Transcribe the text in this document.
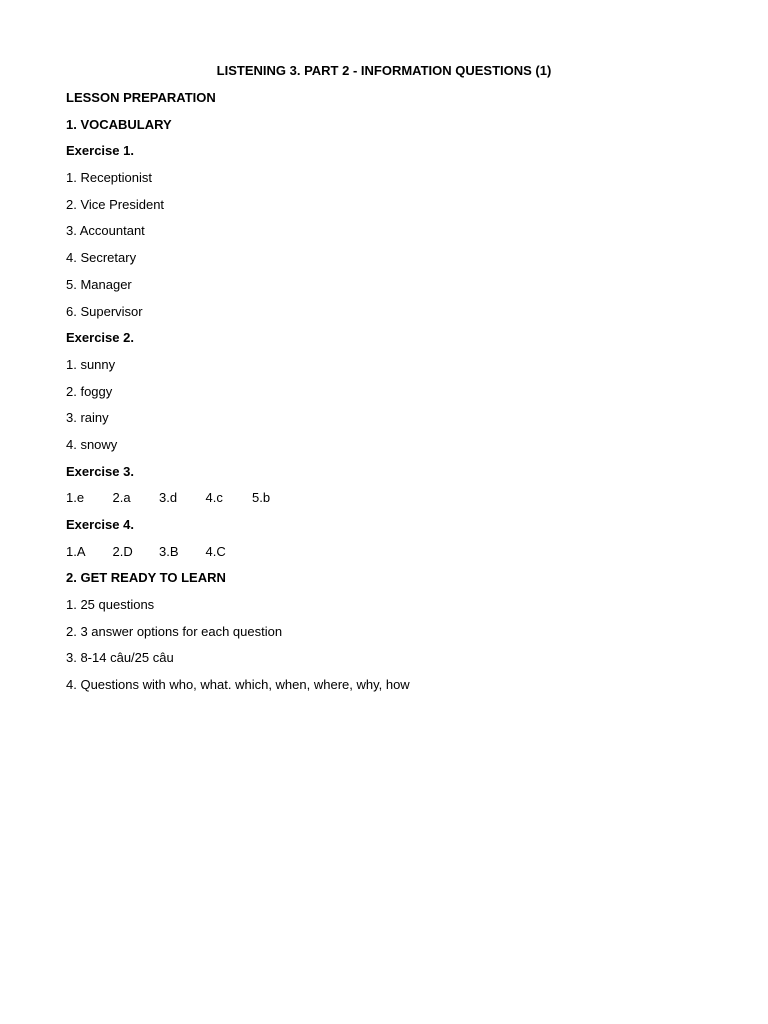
LISTENING 3. PART 2 - INFORMATION QUESTIONS (1)
LESSON PREPARATION
1. VOCABULARY
Exercise 1.
1. Receptionist
2. Vice President
3. Accountant
4. Secretary
5. Manager
6. Supervisor
Exercise 2.
1. sunny
2. foggy
3. rainy
4. snowy
Exercise 3.
1.e 2.a 3.d 4.c 5.b
Exercise 4.
1.A 2.D 3.B 4.C
2. GET READY TO LEARN
1. 25 questions
2. 3 answer options for each question
3. 8-14 câu/25 câu
4. Questions with who, what. which, when, where, why, how
